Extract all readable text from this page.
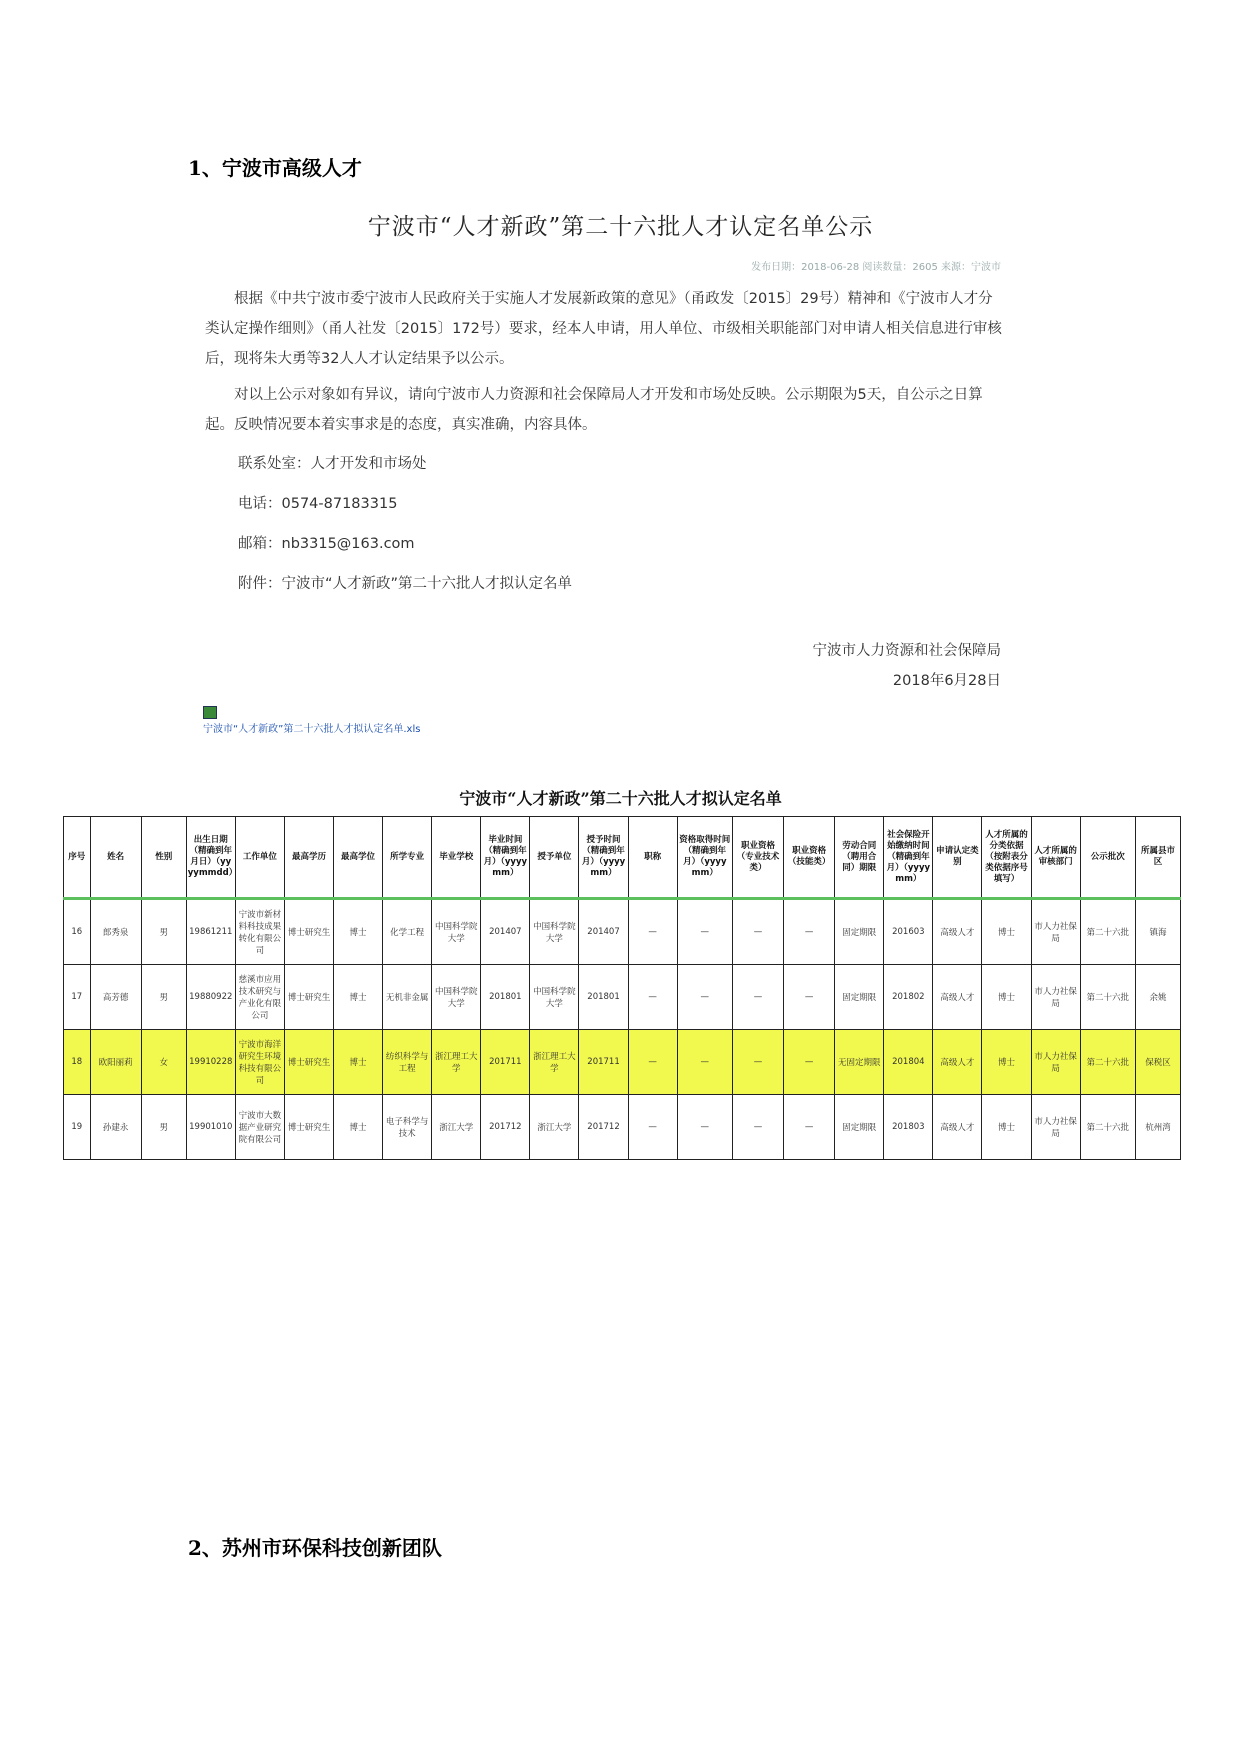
1、宁波市高级人才
宁波市“人才新政”第二十六批人才认定名单公示
发布日期：2018-06-28 阅读数量：2605 来源：宁波市

根据《中共宁波市委宁波市人民政府关于实施人才发展新政策的意见》（甬政发〔2015〕29号）精神和《宁波市人才分类认定操作细则》（甬人社发〔2015〕172号）要求，经本人申请，用人单位、市级相关职能部门对申请人相关信息进行审核后，现将朱大勇等32人人才认定结果予以公示。

对以上公示对象如有异议，请向宁波市人力资源和社会保障局人才开发和市场处反映。公示期限为5天，自公示之日算起。反映情况要本着实事求是的态度，真实准确，内容具体。

联系处室：人才开发和市场处
电话：0574-87183315
邮箱：nb3315@163.com
附件：宁波市“人才新政”第二十六批人才拟认定名单
宁波市人力资源和社会保障局
2018年6月28日
宁波市“人才新政”第二十六批人才拟认定名单.xls
宁波市“人才新政”第二十六批人才拟认定名单
序号	姓名	性别	出生日期（精确到年月日）（yyyymmdd）	工作单位	最高学历	最高学位	所学专业	毕业学校	毕业时间（精确到年月）（yyyymm）	授予单位	授予时间（精确到年月）（yyyymm）	职称	资格取得时间（精确到年月）（yyyymm）	职业资格（专业技术类）	职业资格（技能类）	劳动合同（聘用合同）期限	社会保险开始缴纳时间（精确到年月）（yyyymm）	申请认定类别	人才所属的分类依据（按附表分类依据序号填写）	人才所属的审核部门	公示批次	所属县市区
16	郎秀泉	男	19861211	宁波市新材料科技成果转化有限公司	博士研究生	博士	化学工程	中国科学院大学	201407	中国科学院大学	201407	—	—	—	—	固定期限	201603	高级人才	博士	市人力社保局	第二十六批	镇海
17	高芳德	男	19880922	慈溪市应用技术研究与产业化有限公司	博士研究生	博士	无机非金属	中国科学院大学	201801	中国科学院大学	201801	—	—	—	—	固定期限	201802	高级人才	博士	市人力社保局	第二十六批	余姚
18	欧阳丽莉	女	19910228	宁波市海洋研究生环境科技有限公司	博士研究生	博士	纺织科学与工程	浙江理工大学	201711	浙江理工大学	201711	—	—	—	—	无固定期限	201804	高级人才	博士	市人力社保局	第二十六批	保税区
19	孙建永	男	19901010	宁波市大数据产业研究院有限公司	博士研究生	博士	电子科学与技术	浙江大学	201712	浙江大学	201712	—	—	—	—	固定期限	201803	高级人才	博士	市人力社保局	第二十六批	杭州湾
2、苏州市环保科技创新团队
